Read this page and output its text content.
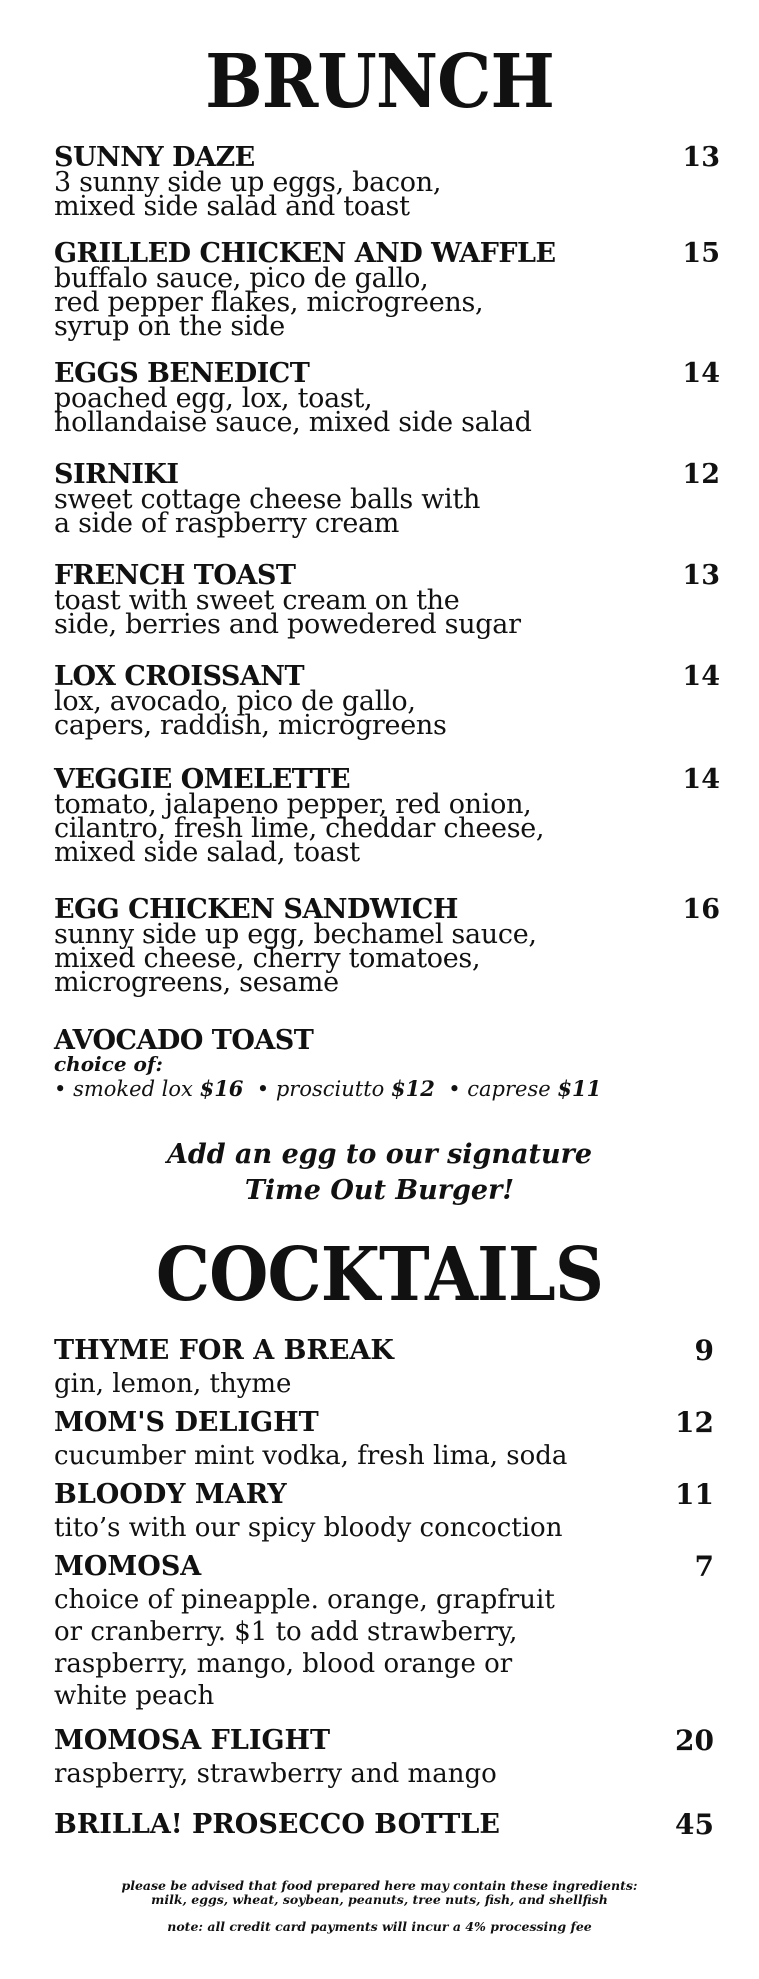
BRUNCH
SUNNY DAZE	13
3 sunny side up eggs, bacon,
mixed side salad and toast
GRILLED CHICKEN AND WAFFLE	15
buffalo sauce, pico de gallo,
red pepper flakes, microgreens,
syrup on the side
EGGS BENEDICT	14
poached egg, lox, toast,
hollandaise sauce, mixed side salad
SIRNIKI	12
sweet cottage cheese balls with
a side of raspberry cream
FRENCH TOAST	13
toast with sweet cream on the
side, berries and powedered sugar
LOX CROISSANT	14
lox, avocado, pico de gallo,
capers, raddish, microgreens
VEGGIE OMELETTE	14
tomato, jalapeno pepper, red onion,
cilantro, fresh lime, cheddar cheese,
mixed side salad, toast
EGG CHICKEN SANDWICH	16
sunny side up egg, bechamel sauce,
mixed cheese, cherry tomatoes,
microgreens, sesame
AVOCADO TOAST
choice of:
• smoked lox $16 • prosciutto $12 • caprese $11
Add an egg to our signature
Time Out Burger!
COCKTAILS
THYME FOR A BREAK	9
gin, lemon, thyme
MOM'S DELIGHT	12
cucumber mint vodka, fresh lima, soda
BLOODY MARY	11
tito’s with our spicy bloody concoction
MOMOSA	7
choice of pineapple. orange, grapfruit
or cranberry. $1 to add strawberry,
raspberry, mango, blood orange or
white peach
MOMOSA FLIGHT	20
raspberry, strawberry and mango
BRILLA! PROSECCO BOTTLE	45
please be advised that food prepared here may contain these ingredients:
milk, eggs, wheat, soybean, peanuts, tree nuts, fish, and shellfish
note: all credit card payments will incur a 4% processing fee
